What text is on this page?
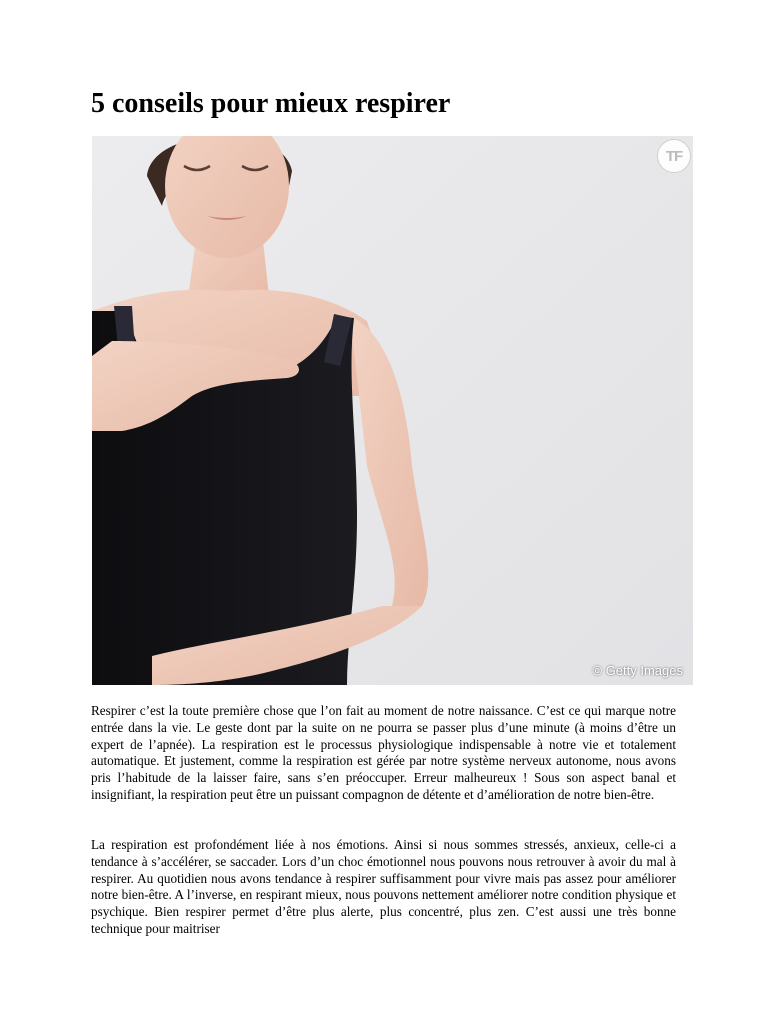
5 conseils pour mieux respirer
TF
© Getty Images

Respirer c’est la toute première chose que l’on fait au moment de notre naissance. C’est ce qui marque notre entrée dans la vie. Le geste dont par la suite on ne pourra se passer plus d’une minute (à moins d’être un expert de l’apnée). La respiration est le processus physiologique indispensable à notre vie et totalement automatique. Et justement, comme la respiration est gérée par notre système nerveux autonome, nous avons pris l’habitude de la laisser faire, sans s’en préoccuper. Erreur malheureux ! Sous son aspect banal et insignifiant, la respiration peut être un puissant compagnon de détente et d’amélioration de notre bien-être.

La respiration est profondément liée à nos émotions. Ainsi si nous sommes stressés, anxieux, celle-ci a tendance à s’accélérer, se saccader. Lors d’un choc émotionnel nous pouvons nous retrouver à avoir du mal à respirer. Au quotidien nous avons tendance à respirer suffisamment pour vivre mais pas assez pour améliorer notre bien-être. A l’inverse, en respirant mieux, nous pouvons nettement améliorer notre condition physique et psychique. Bien respirer permet d’être plus alerte, plus concentré, plus zen. C’est aussi une très bonne technique pour maitriser
